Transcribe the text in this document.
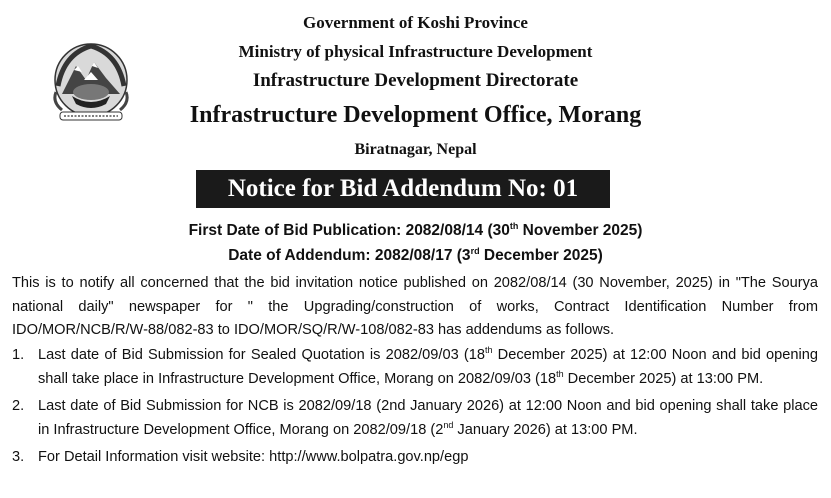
Government of Koshi Province
Ministry of physical Infrastructure Development
Infrastructure Development Directorate
Infrastructure Development Office, Morang
Biratnagar, Nepal
Notice for Bid Addendum No: 01
First Date of Bid Publication: 2082/08/14 (30th November 2025)
Date of Addendum: 2082/08/17 (3rd December 2025)
This is to notify all concerned that the bid invitation notice published on 2082/08/14 (30 November, 2025) in "The Sourya national daily" newspaper for " the Upgrading/construction of works, Contract Identification Number from IDO/MOR/NCB/R/W-88/082-83 to IDO/MOR/SQ/R/W-108/082-83 has addendums as follows.
1. Last date of Bid Submission for Sealed Quotation is 2082/09/03 (18th December 2025) at 12:00 Noon and bid opening shall take place in Infrastructure Development Office, Morang on 2082/09/03 (18th December 2025) at 13:00 PM.
2. Last date of Bid Submission for NCB is 2082/09/18 (2nd January 2026) at 12:00 Noon and bid opening shall take place in Infrastructure Development Office, Morang on 2082/09/18 (2nd January 2026) at 13:00 PM.
3. For Detail Information visit website: http://www.bolpatra.gov.np/egp
